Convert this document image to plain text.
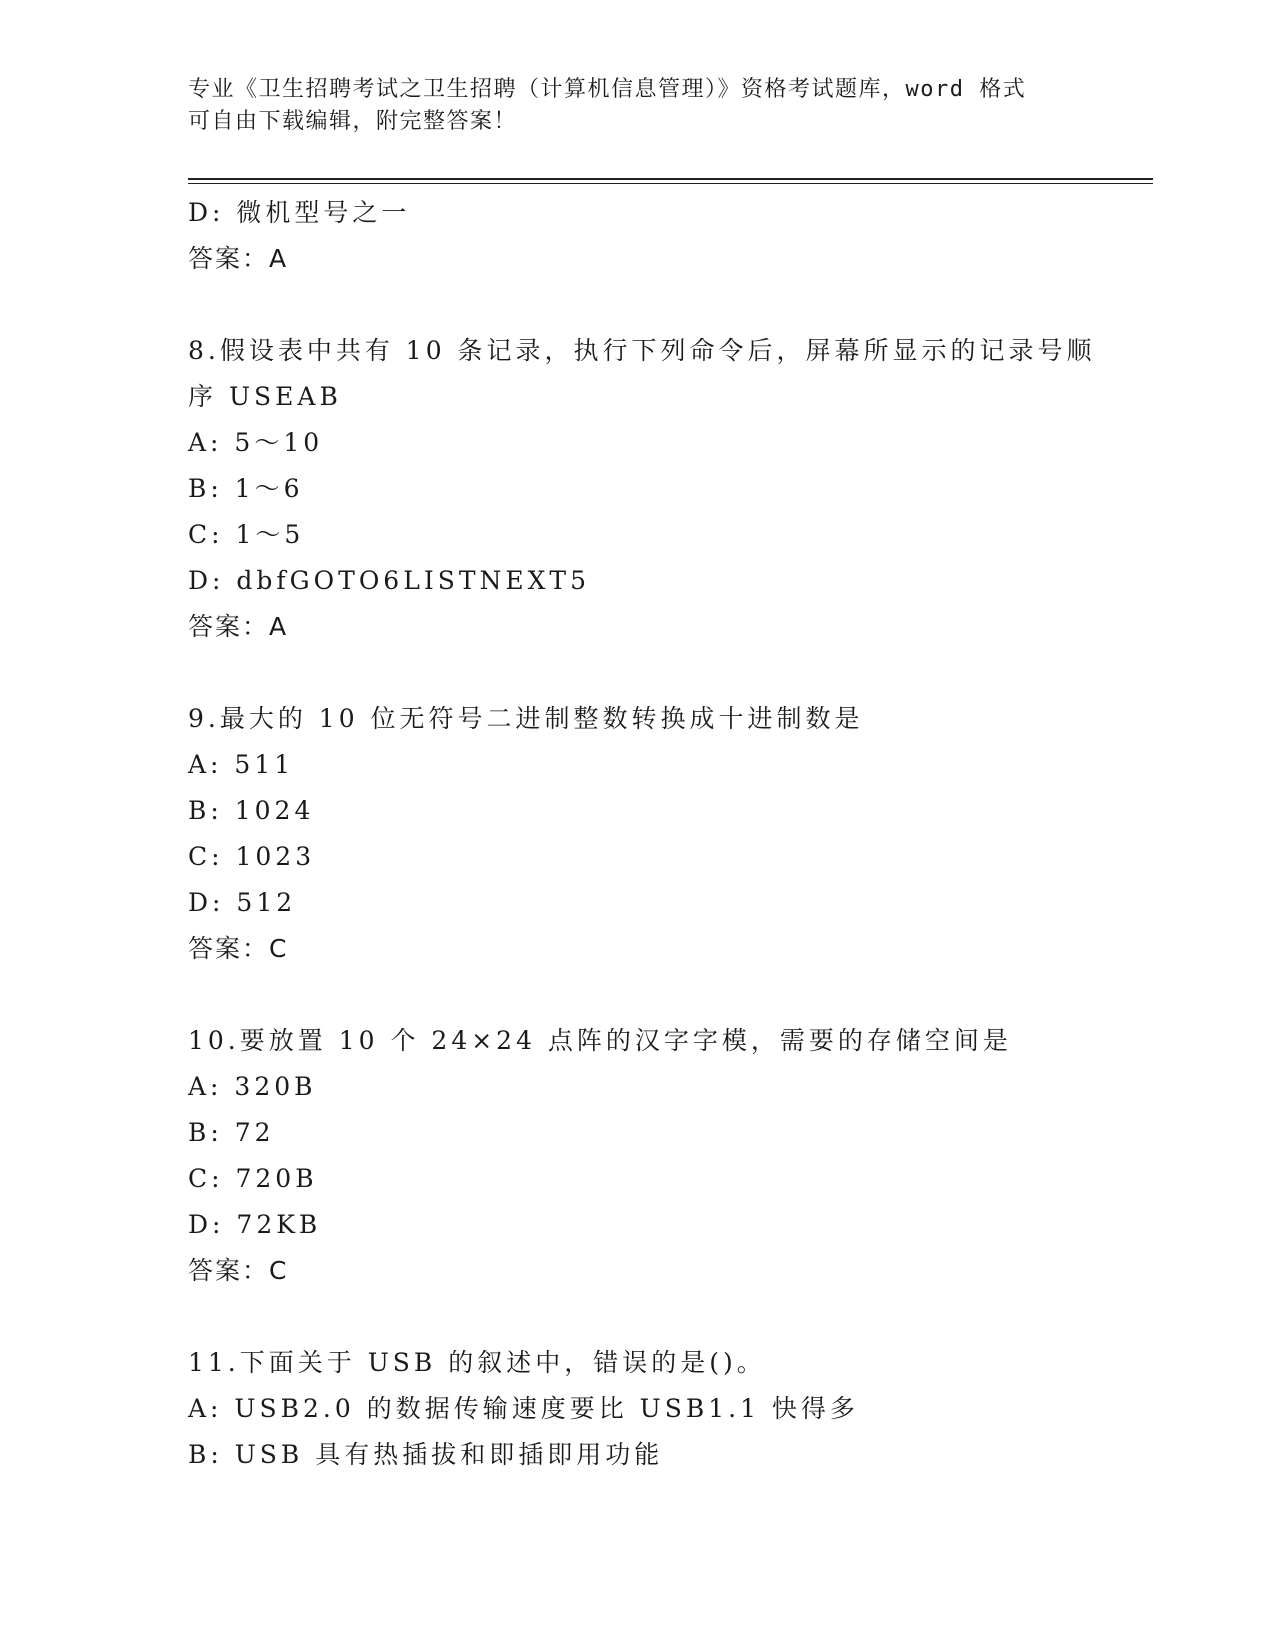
专业《卫生招聘考试之卫生招聘（计算机信息管理）》资格考试题库，word 格式
可自由下载编辑，附完整答案！
D: 微机型号之一
答案：A
8.假设表中共有 10 条记录，执行下列命令后，屏幕所显示的记录号顺
序 USEAB
A: 5～10
B: 1～6
C: 1～5
D: dbfGOTO6LISTNEXT5
答案：A
9.最大的 10 位无符号二进制整数转换成十进制数是
A: 511
B: 1024
C: 1023
D: 512
答案：C
10.要放置 10 个 24×24 点阵的汉字字模，需要的存储空间是
A: 320B
B: 72
C: 720B
D: 72KB
答案：C
11.下面关于 USB 的叙述中，错误的是()。
A: USB2.0 的数据传输速度要比 USB1.1 快得多
B: USB 具有热插拔和即插即用功能
